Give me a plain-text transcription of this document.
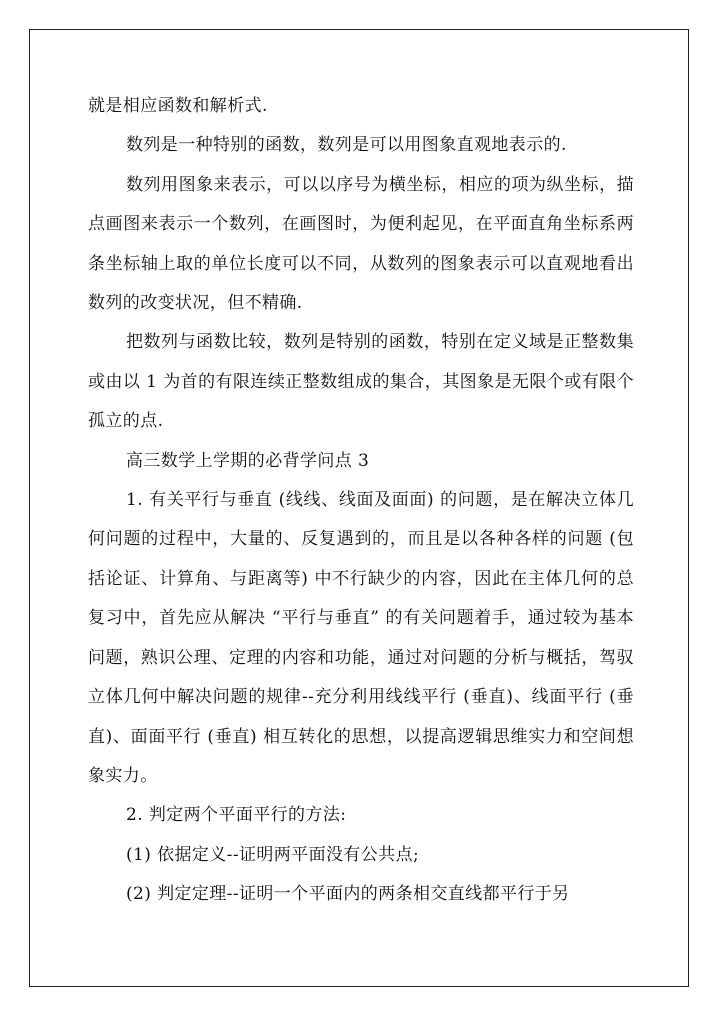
就是相应函数和解析式.

数列是一种特别的函数，数列是可以用图象直观地表示的.

数列用图象来表示，可以以序号为横坐标，相应的项为纵坐标，描点画图来表示一个数列，在画图时，为便利起见，在平面直角坐标系两条坐标轴上取的单位长度可以不同，从数列的图象表示可以直观地看出数列的改变状况，但不精确.

把数列与函数比较，数列是特别的函数，特别在定义域是正整数集或由以 1 为首的有限连续正整数组成的集合，其图象是无限个或有限个孤立的点.

高三数学上学期的必背学问点 3

1. 有关平行与垂直 (线线、线面及面面) 的问题，是在解决立体几何问题的过程中，大量的、反复遇到的，而且是以各种各样的问题 (包括论证、计算角、与距离等) 中不行缺少的内容，因此在主体几何的总复习中，首先应从解决 “平行与垂直” 的有关问题着手，通过较为基本问题，熟识公理、定理的内容和功能，通过对问题的分析与概括，驾驭立体几何中解决问题的规律--充分利用线线平行 (垂直)、线面平行 (垂直)、面面平行 (垂直) 相互转化的思想，以提高逻辑思维实力和空间想象实力。

2. 判定两个平面平行的方法:

(1) 依据定义--证明两平面没有公共点;

(2) 判定定理--证明一个平面内的两条相交直线都平行于另
